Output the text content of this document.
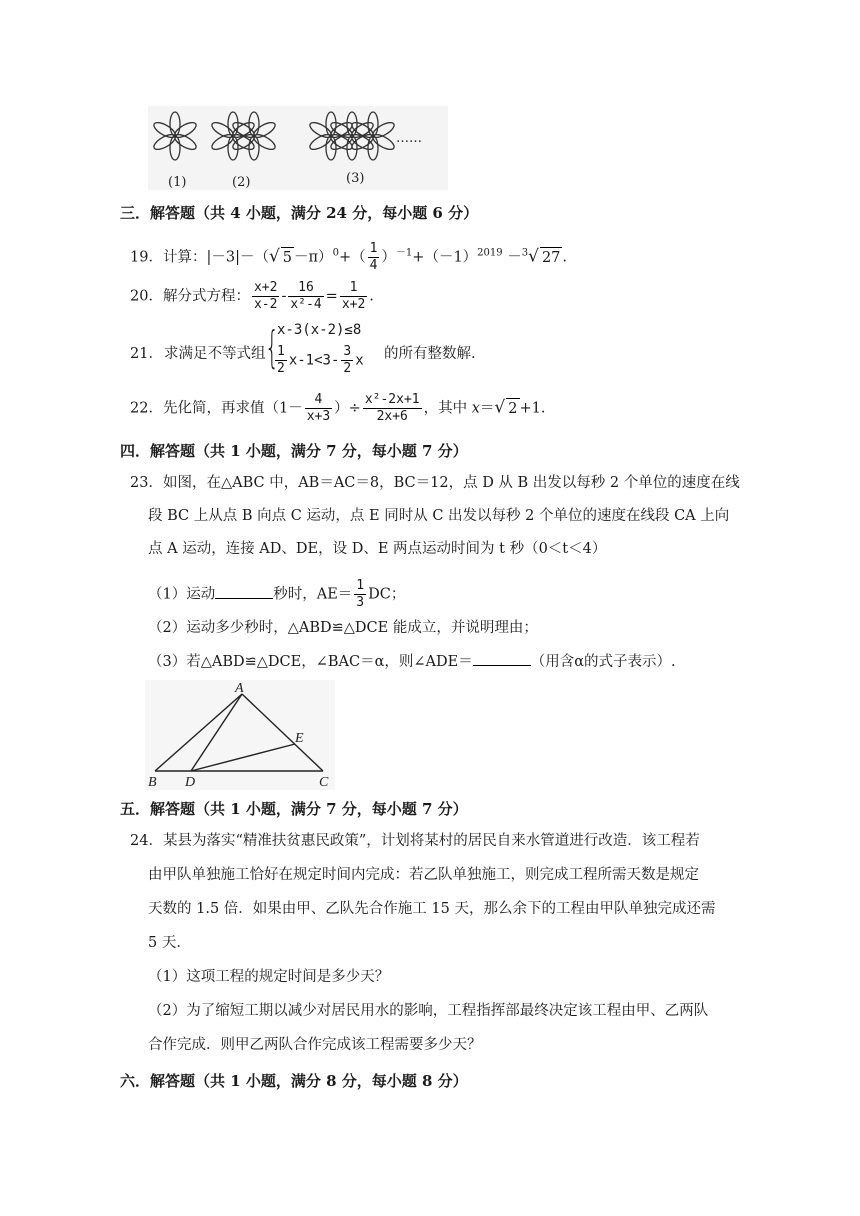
……
(1)	(2)	(3)
三．解答题（共 4 小题，满分 24 分，每小题 6 分）
19．计算：|－3|－（√ $5 -\pi)^0+( \frac{1}{4} )^{-1}+(-1)^{2019} -^3√$ 27 .
20．解分式方程： $\frac{x+2}{x-2} - \frac{16}{\text{x²-4}} = \frac{1}{x+2}$ .
21． 求满足不等式组 {
x-3(x-2)≤8
$\frac{1}{2} x-1<3- \frac{3}{2}$ x 的所有整数解.
22．先化简，再求值（$1- \frac{4}{x+3}$ ）÷ $\frac{\text{x²-2x+1}}{2x+6}$ ，其中 x＝√ 2 +1.
四．解答题（共 1 小题，满分 7 分，每小题 7 分）
23．如图，在△ABC 中，AB＝AC＝8，BC＝12，点 D 从 B 出发以每秒 2 个单位的速度在线
段 BC 上从点 B 向点 C 运动，点 E 同时从 C 出发以每秒 2 个单位的速度在线段 CA 上向
点 A 运动，连接 AD、DE，设 D、E 两点运动时间为 t 秒（0＜t＜4）
（1）运动	秒时，$AE= \frac{1}{3}$ DC；
（2）运动多少秒时，△ABD≌△DCE 能成立，并说明理由；
（3）若△ABD≌△DCE，∠BAC＝α，则∠ADE＝	（用含α的式子表示）.
A
B D	C
E
五．解答题（共 1 小题，满分 7 分，每小题 7 分）
24．某县为落实“精准扶贫惠民政策”，计划将某村的居民自来水管道进行改造．该工程若
由甲队单独施工恰好在规定时间内完成：若乙队单独施工，则完成工程所需天数是规定
天数的 1.5 倍．如果由甲、乙队先合作施工 15 天，那么余下的工程由甲队单独完成还需
5 天．
（1）这项工程的规定时间是多少天？
（2）为了缩短工期以减少对居民用水的影响，工程指挥部最终决定该工程由甲、乙两队
合作完成．则甲乙两队合作完成该工程需要多少天？
六．解答题（共 1 小题，满分 8 分，每小题 8 分）
